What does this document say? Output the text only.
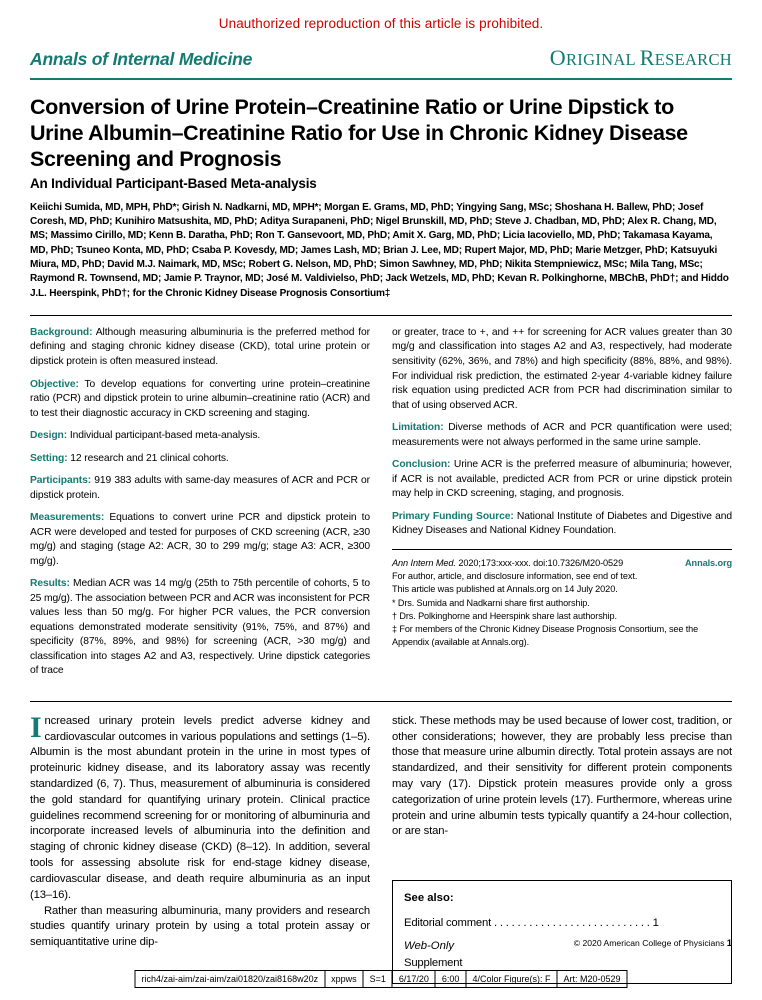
Unauthorized reproduction of this article is prohibited.
Annals of Internal Medicine	ORIGINAL RESEARCH
Conversion of Urine Protein–Creatinine Ratio or Urine Dipstick to Urine Albumin–Creatinine Ratio for Use in Chronic Kidney Disease Screening and Prognosis
An Individual Participant-Based Meta-analysis
Keiichi Sumida, MD, MPH, PhD*; Girish N. Nadkarni, MD, MPH*; Morgan E. Grams, MD, PhD; Yingying Sang, MSc; Shoshana H. Ballew, PhD; Josef Coresh, MD, PhD; Kunihiro Matsushita, MD, PhD; Aditya Surapaneni, PhD; Nigel Brunskill, MD, PhD; Steve J. Chadban, MD, PhD; Alex R. Chang, MD, MS; Massimo Cirillo, MD; Kenn B. Daratha, PhD; Ron T. Gansevoort, MD, PhD; Amit X. Garg, MD, PhD; Licia Iacoviello, MD, PhD; Takamasa Kayama, MD, PhD; Tsuneo Konta, MD, PhD; Csaba P. Kovesdy, MD; James Lash, MD; Brian J. Lee, MD; Rupert Major, MD, PhD; Marie Metzger, PhD; Katsuyuki Miura, MD, PhD; David M.J. Naimark, MD, MSc; Robert G. Nelson, MD, PhD; Simon Sawhney, MD, PhD; Nikita Stempniewicz, MSc; Mila Tang, MSc; Raymond R. Townsend, MD; Jamie P. Traynor, MD; José M. Valdivielso, PhD; Jack Wetzels, MD, PhD; Kevan R. Polkinghorne, MBChB, PhD†; and Hiddo J.L. Heerspink, PhD†; for the Chronic Kidney Disease Prognosis Consortium‡

Background: Although measuring albuminuria is the preferred method for defining and staging chronic kidney disease (CKD), total urine protein or dipstick protein is often measured instead.

Objective: To develop equations for converting urine protein–creatinine ratio (PCR) and dipstick protein to urine albumin–creatinine ratio (ACR) and to test their diagnostic accuracy in CKD screening and staging.

Design: Individual participant-based meta-analysis.

Setting: 12 research and 21 clinical cohorts.

Participants: 919 383 adults with same-day measures of ACR and PCR or dipstick protein.

Measurements: Equations to convert urine PCR and dipstick protein to ACR were developed and tested for purposes of CKD screening (ACR, ≥30 mg/g) and staging (stage A2: ACR, 30 to 299 mg/g; stage A3: ACR, ≥300 mg/g).

Results: Median ACR was 14 mg/g (25th to 75th percentile of cohorts, 5 to 25 mg/g). The association between PCR and ACR was inconsistent for PCR values less than 50 mg/g. For higher PCR values, the PCR conversion equations demonstrated moderate sensitivity (91%, 75%, and 87%) and specificity (87%, 89%, and 98%) for screening (ACR, >30 mg/g) and classification into stages A2 and A3, respectively. Urine dipstick categories of trace

or greater, trace to +, and ++ for screening for ACR values greater than 30 mg/g and classification into stages A2 and A3, respectively, had moderate sensitivity (62%, 36%, and 78%) and high specificity (88%, 88%, and 98%). For individual risk prediction, the estimated 2-year 4-variable kidney failure risk equation using predicted ACR from PCR had discrimination similar to that of using observed ACR.

Limitation: Diverse methods of ACR and PCR quantification were used; measurements were not always performed in the same urine sample.

Conclusion: Urine ACR is the preferred measure of albuminuria; however, if ACR is not available, predicted ACR from PCR or urine dipstick protein may help in CKD screening, staging, and prognosis.

Primary Funding Source: National Institute of Diabetes and Digestive and Kidney Diseases and National Kidney Foundation.

Ann Intern Med. 2020;173:xxx-xxx. doi:10.7326/M20-0529	Annals.org
For author, article, and disclosure information, see end of text.
This article was published at Annals.org on 14 July 2020.
* Drs. Sumida and Nadkarni share first authorship.
† Drs. Polkinghorne and Heerspink share last authorship.
‡ For members of the Chronic Kidney Disease Prognosis Consortium, see the Appendix (available at Annals.org).

Increased urinary protein levels predict adverse kidney and cardiovascular outcomes in various populations and settings (1–5). Albumin is the most abundant protein in the urine in most types of proteinuric kidney disease, and its laboratory assay was recently standardized (6, 7). Thus, measurement of albuminuria is considered the gold standard for quantifying urinary protein. Clinical practice guidelines recommend screening for or monitoring of albuminuria and incorporate increased levels of albuminuria into the definition and staging of chronic kidney disease (CKD) (8–12). In addition, several tools for assessing absolute risk for end-stage kidney disease, cardiovascular disease, and death require albuminuria as an input (13–16).

Rather than measuring albuminuria, many providers and research studies quantify urinary protein by using a total protein assay or semiquantitative urine dip-

stick. These methods may be used because of lower cost, tradition, or other considerations; however, they are probably less precise than those that measure urine albumin directly. Total protein assays are not standardized, and their sensitivity for different protein components may vary (17). Dipstick protein measures provide only a gross categorization of urine protein levels (17). Furthermore, whereas urine protein and urine albumin tests typically quantify a 24-hour collection, or are stan-

See also:
Editorial comment . . . . . . . . . . . . . . . . . . . . . . . . . . . 1
Web-Only
Supplement
© 2020 American College of Physicians 1
rich4/zai-aim/zai-aim/zai01820/zai8168w20z	xppws	S=1	6/17/20	6:00	4/Color Figure(s): F	Art: M20-0529
